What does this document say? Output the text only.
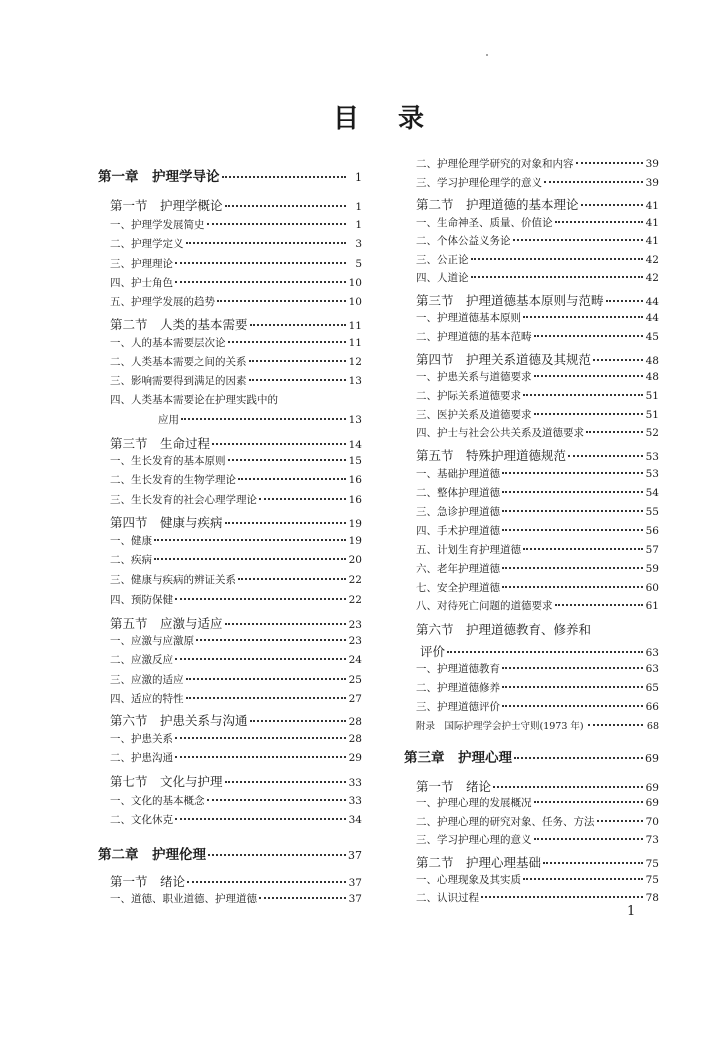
目 录
第一章　护理学导论	1
第一节　护理学概论	1
一、护理学发展简史	1
二、护理学定义	3
三、护理理论	5
四、护士角色	10
五、护理学发展的趋势	10
第二节　人类的基本需要	11
一、人的基本需要层次论	11
二、人类基本需要之间的关系	12
三、影响需要得到满足的因素	13
四、人类基本需要论在护理实践中的
应用	13
第三节　生命过程	14
一、生长发育的基本原则	15
二、生长发育的生物学理论	16
三、生长发育的社会心理学理论	16
第四节　健康与疾病	19
一、健康	19
二、疾病	20
三、健康与疾病的辨证关系	22
四、预防保健	22
第五节　应激与适应	23
一、应激与应激原	23
二、应激反应	24
三、应激的适应	25
四、适应的特性	27
第六节　护患关系与沟通	28
一、护患关系	28
二、护患沟通	29
第七节　文化与护理	33
一、文化的基本概念	33
二、文化休克	34
第二章　护理伦理	37
第一节　绪论	37
一、道德、职业道德、护理道德	37
二、护理伦理学研究的对象和内容	39
三、学习护理伦理学的意义	39
第二节　护理道德的基本理论	41
一、生命神圣、质量、价值论	41
二、个体公益义务论	41
三、公正论	42
四、人道论	42
第三节　护理道德基本原则与范畴	44
一、护理道德基本原则	44
二、护理道德的基本范畴	45
第四节　护理关系道德及其规范	48
一、护患关系与道德要求	48
二、护际关系道德要求	51
三、医护关系及道德要求	51
四、护士与社会公共关系及道德要求	52
第五节　特殊护理道德规范	53
一、基础护理道德	53
二、整体护理道德	54
三、急诊护理道德	55
四、手术护理道德	56
五、计划生育护理道德	57
六、老年护理道德	59
七、安全护理道德	60
八、对待死亡问题的道德要求	61
第六节　护理道德教育、修养和
评价	63
一、护理道德教育	63
二、护理道德修养	65
三、护理道德评价	66
附录　国际护理学会护士守则(1973 年)	68
第三章　护理心理	69
第一节　绪论	69
一、护理心理的发展概况	69
二、护理心理的研究对象、任务、方法	70
三、学习护理心理的意义	73
第二节　护理心理基础	75
一、心理现象及其实质	75
二、认识过程	78
1
